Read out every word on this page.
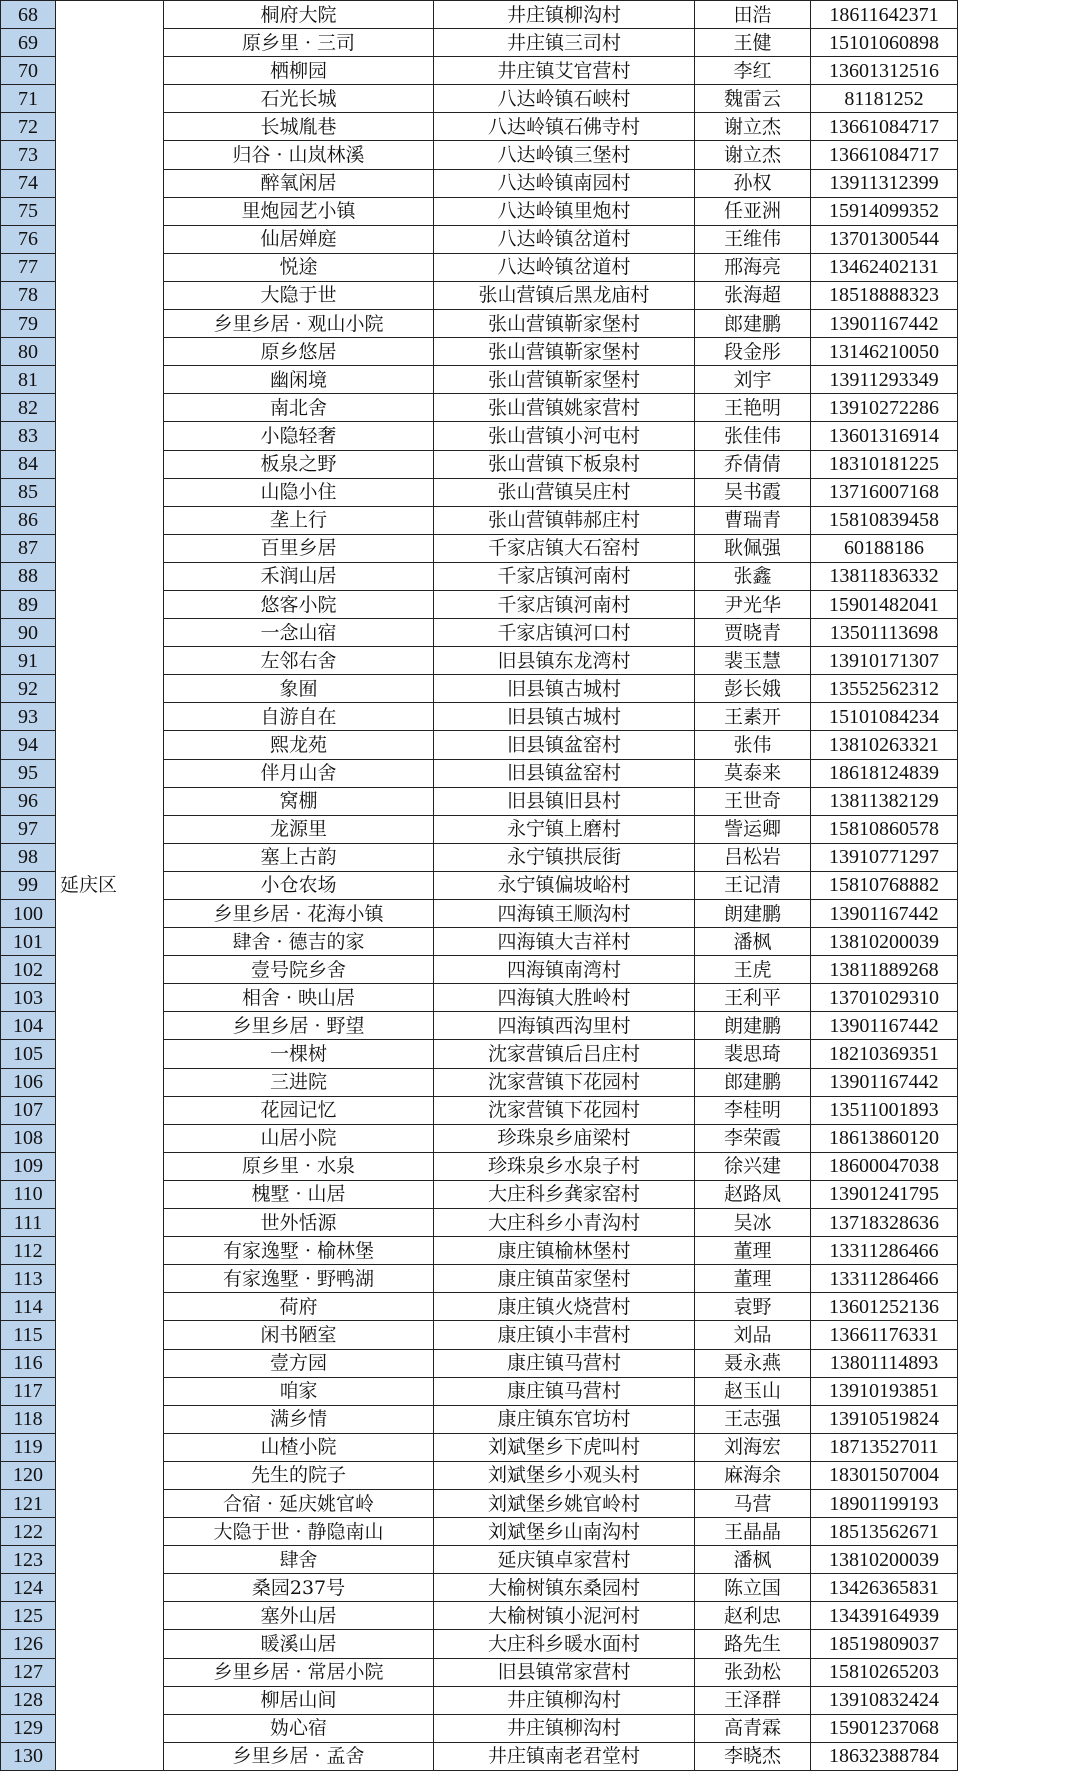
68	延庆区	桐府大院	井庄镇柳沟村	田浩	18611642371
69		原乡里 · 三司	井庄镇三司村	王健	15101060898
70		栖柳园	井庄镇艾官营村	李红	13601312516
71		石光长城	八达岭镇石峡村	魏雷云	81181252
72		长城胤巷	八达岭镇石佛寺村	谢立杰	13661084717
73		归谷 · 山岚林溪	八达岭镇三堡村	谢立杰	13661084717
74		醉氧闲居	八达岭镇南园村	孙权	13911312399
75		里炮园艺小镇	八达岭镇里炮村	任亚洲	15914099352
76		仙居婵庭	八达岭镇岔道村	王维伟	13701300544
77		悦途	八达岭镇岔道村	邢海亮	13462402131
78		大隐于世	张山营镇后黑龙庙村	张海超	18518888323
79		乡里乡居 · 观山小院	张山营镇靳家堡村	郎建鹏	13901167442
80		原乡悠居	张山营镇靳家堡村	段金彤	13146210050
81		幽闲境	张山营镇靳家堡村	刘宇	13911293349
82		南北舍	张山营镇姚家营村	王艳明	13910272286
83		小隐轻奢	张山营镇小河屯村	张佳伟	13601316914
84		板泉之野	张山营镇下板泉村	乔倩倩	18310181225
85		山隐小住	张山营镇吴庄村	吴书霞	13716007168
86		垄上行	张山营镇韩郝庄村	曹瑞青	15810839458
87		百里乡居	千家店镇大石窑村	耿佩强	60188186
88		禾润山居	千家店镇河南村	张鑫	13811836332
89		悠客小院	千家店镇河南村	尹光华	15901482041
90		一念山宿	千家店镇河口村	贾晓青	13501113698
91		左邻右舍	旧县镇东龙湾村	裴玉慧	13910171307
92		象囿	旧县镇古城村	彭长娥	13552562312
93		自游自在	旧县镇古城村	王素开	15101084234
94		熙龙苑	旧县镇盆窑村	张伟	13810263321
95		伴月山舍	旧县镇盆窑村	莫泰来	18618124839
96		窝棚	旧县镇旧县村	王世奇	13811382129
97		龙源里	永宁镇上磨村	訾运卿	15810860578
98		塞上古韵	永宁镇拱辰街	吕松岩	13910771297
99		小仓农场	永宁镇偏坡峪村	王记清	15810768882
100		乡里乡居 · 花海小镇	四海镇王顺沟村	朗建鹏	13901167442
101		肆舍 · 德吉的家	四海镇大吉祥村	潘枫	13810200039
102		壹号院乡舍	四海镇南湾村	王虎	13811889268
103		相舍 · 映山居	四海镇大胜岭村	王利平	13701029310
104		乡里乡居 · 野望	四海镇西沟里村	朗建鹏	13901167442
105		一棵树	沈家营镇后吕庄村	裴思琦	18210369351
106		三进院	沈家营镇下花园村	郎建鹏	13901167442
107		花园记忆	沈家营镇下花园村	李桂明	13511001893
108		山居小院	珍珠泉乡庙梁村	李荣霞	18613860120
109		原乡里 · 水泉	珍珠泉乡水泉子村	徐兴建	18600047038
110		槐墅 · 山居	大庄科乡龚家窑村	赵路凤	13901241795
111		世外恬源	大庄科乡小青沟村	吴冰	13718328636
112		有家逸墅 · 榆林堡	康庄镇榆林堡村	董理	13311286466
113		有家逸墅 · 野鸭湖	康庄镇苗家堡村	董理	13311286466
114		荷府	康庄镇火烧营村	袁野	13601252136
115		闲书陋室	康庄镇小丰营村	刘品	13661176331
116		壹方园	康庄镇马营村	聂永燕	13801114893
117		咱家	康庄镇马营村	赵玉山	13910193851
118		满乡情	康庄镇东官坊村	王志强	13910519824
119		山楂小院	刘斌堡乡下虎叫村	刘海宏	18713527011
120		先生的院子	刘斌堡乡小观头村	麻海余	18301507004
121		合宿 · 延庆姚官岭	刘斌堡乡姚官岭村	马营	18901199193
122		大隐于世 · 静隐南山	刘斌堡乡山南沟村	王晶晶	18513562671
123		肆舍	延庆镇卓家营村	潘枫	13810200039
124		桑园237号	大榆树镇东桑园村	陈立国	13426365831
125		塞外山居	大榆树镇小泥河村	赵利忠	13439164939
126		暖溪山居	大庄科乡暖水面村	路先生	18519809037
127		乡里乡居 · 常居小院	旧县镇常家营村	张劲松	15810265203
128		柳居山间	井庄镇柳沟村	王泽群	13910832424
129		妫心宿	井庄镇柳沟村	高青霖	15901237068
130		乡里乡居 · 孟舍	井庄镇南老君堂村	李晓杰	18632388784
